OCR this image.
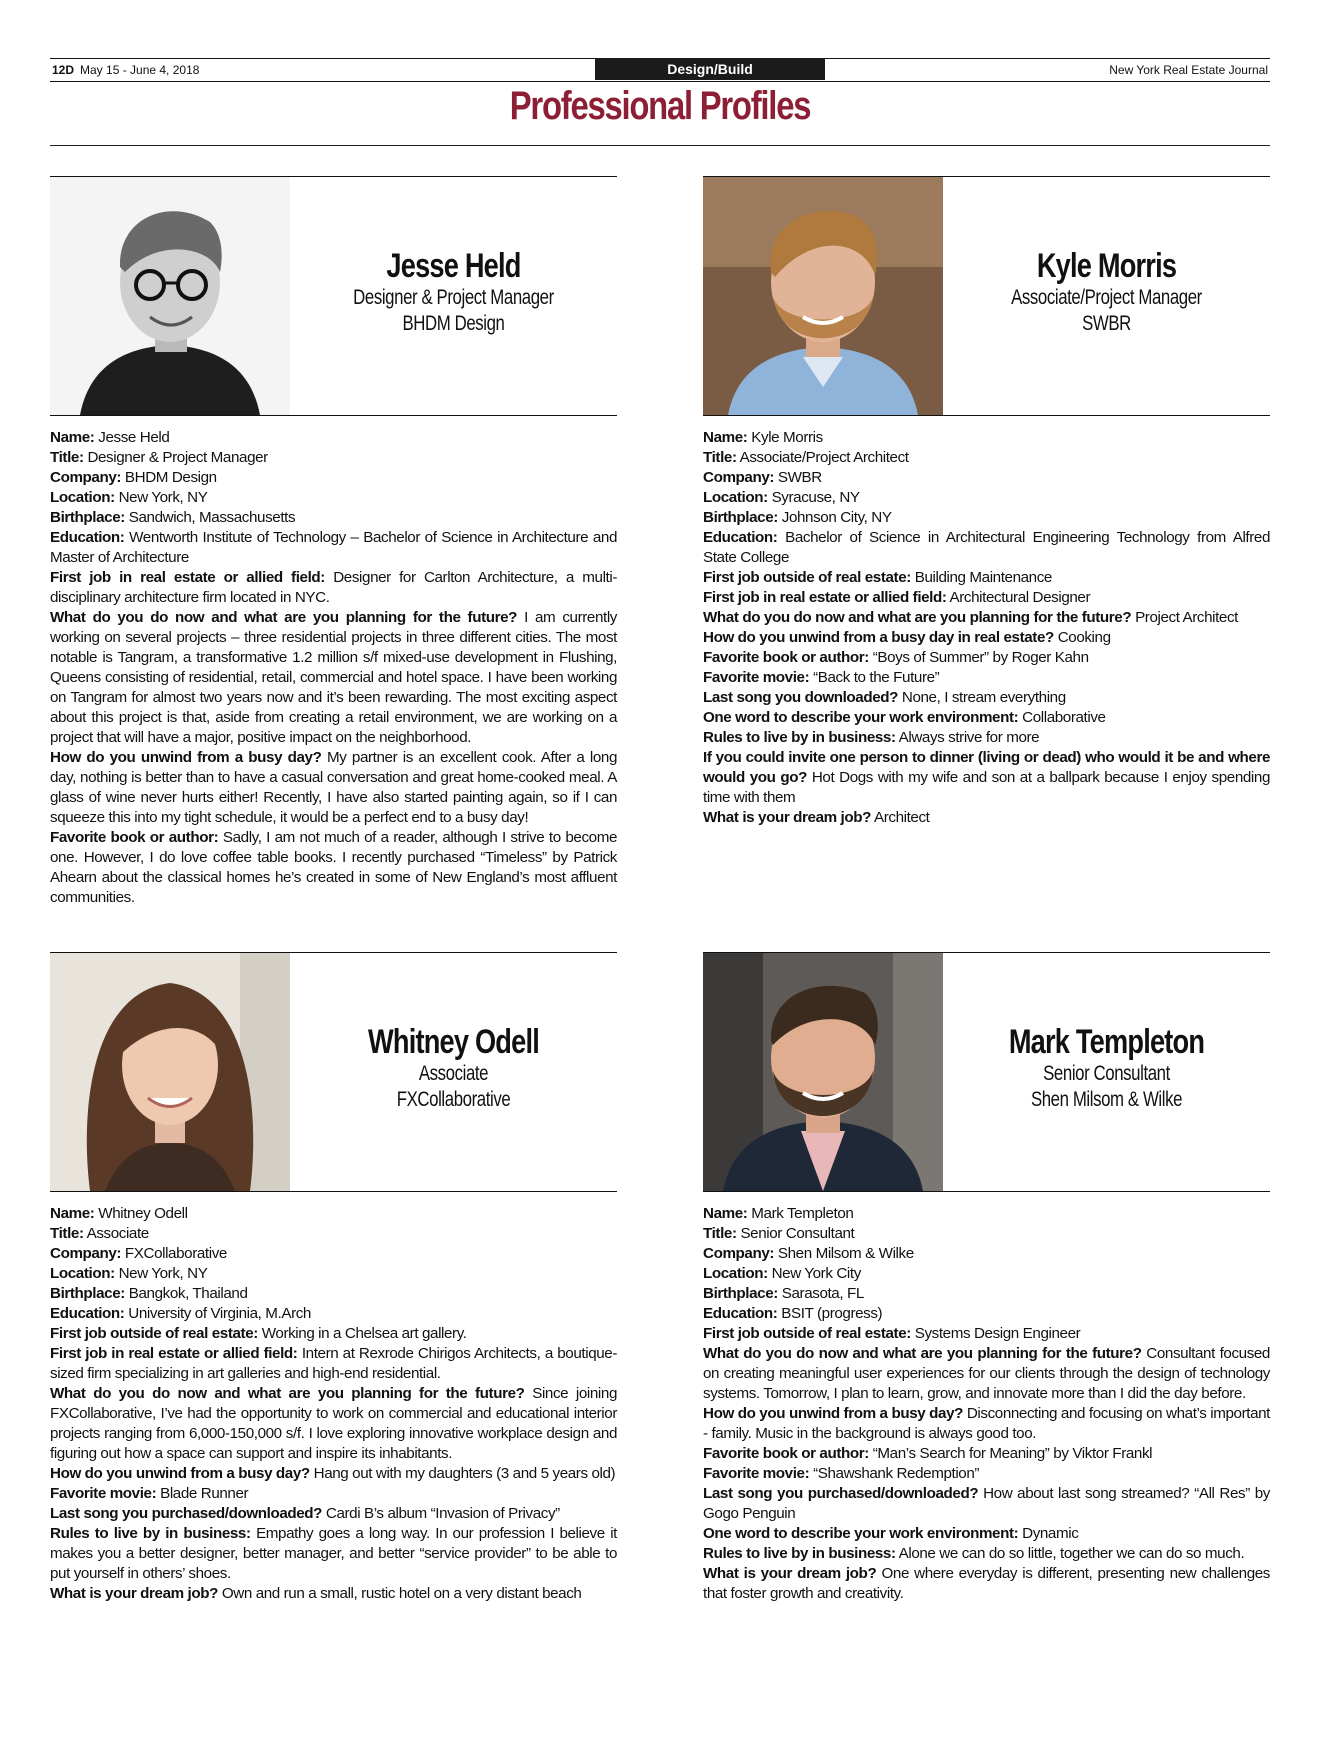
12D May 15 - June 4, 2018	Design/Build	New York Real Estate Journal
Professional Profiles
Jesse Held
Designer & Project Manager
BHDM Design

Name: Jesse Held

Title: Designer & Project Manager

Company: BHDM Design

Location: New York, NY

Birthplace: Sandwich, Massachusetts

Education: Wentworth Institute of Technology – Bachelor of Science in Architecture and Master of Architecture

First job in real estate or allied field: Designer for Carlton Architecture, a multi-disciplinary architecture firm located in NYC.

What do you do now and what are you planning for the future? I am currently working on several projects – three residential projects in three different cities. The most notable is Tangram, a transformative 1.2 million s/f mixed-use development in Flushing, Queens consisting of residential, retail, commercial and hotel space. I have been working on Tangram for almost two years now and it’s been rewarding. The most exciting aspect about this project is that, aside from creating a retail environment, we are working on a project that will have a major, positive impact on the neighborhood.

How do you unwind from a busy day? My partner is an excellent cook. After a long day, nothing is better than to have a casual conversation and great home-cooked meal. A glass of wine never hurts either! Recently, I have also started painting again, so if I can squeeze this into my tight schedule, it would be a perfect end to a busy day!

Favorite book or author: Sadly, I am not much of a reader, although I strive to become one. However, I do love coffee table books. I recently purchased “Timeless” by Patrick Ahearn about the classical homes he’s created in some of New England’s most affluent communities.

Kyle Morris
Associate/Project Manager
SWBR

Name: Kyle Morris

Title: Associate/Project Architect

Company: SWBR

Location: Syracuse, NY

Birthplace: Johnson City, NY

Education: Bachelor of Science in Architectural Engineering Technology from Alfred State College

First job outside of real estate: Building Maintenance

First job in real estate or allied field: Architectural Designer

What do you do now and what are you planning for the future? Project Architect

How do you unwind from a busy day in real estate? Cooking

Favorite book or author: “Boys of Summer” by Roger Kahn

Favorite movie: “Back to the Future”

Last song you downloaded? None, I stream everything

One word to describe your work environment: Collaborative

Rules to live by in business: Always strive for more

If you could invite one person to dinner (living or dead) who would it be and where would you go? Hot Dogs with my wife and son at a ballpark because I enjoy spending time with them

What is your dream job? Architect

Whitney Odell
Associate
FXCollaborative

Name: Whitney Odell

Title: Associate

Company: FXCollaborative

Location: New York, NY

Birthplace: Bangkok, Thailand

Education: University of Virginia, M.Arch

First job outside of real estate: Working in a Chelsea art gallery.

First job in real estate or allied field: Intern at Rexrode Chirigos Architects, a boutique-sized firm specializing in art galleries and high-end residential.

What do you do now and what are you planning for the future? Since joining FXCollaborative, I’ve had the opportunity to work on commercial and educational interior projects ranging from 6,000-150,000 s/f. I love exploring innovative workplace design and figuring out how a space can support and inspire its inhabitants.

How do you unwind from a busy day? Hang out with my daughters (3 and 5 years old)

Favorite movie: Blade Runner

Last song you purchased/downloaded? Cardi B’s album “Invasion of Privacy”

Rules to live by in business: Empathy goes a long way. In our profession I believe it makes you a better designer, better manager, and better “service provider” to be able to put yourself in others’ shoes.

What is your dream job? Own and run a small, rustic hotel on a very distant beach

Mark Templeton
Senior Consultant
Shen Milsom & Wilke

Name: Mark Templeton

Title: Senior Consultant

Company: Shen Milsom & Wilke

Location: New York City

Birthplace: Sarasota, FL

Education: BSIT (progress)

First job outside of real estate: Systems Design Engineer

What do you do now and what are you planning for the future? Consultant focused on creating meaningful user experiences for our clients through the design of technology systems. Tomorrow, I plan to learn, grow, and innovate more than I did the day before.

How do you unwind from a busy day? Disconnecting and focusing on what’s important - family. Music in the background is always good too.

Favorite book or author: “Man’s Search for Meaning” by Viktor Frankl

Favorite movie: “Shawshank Redemption”

Last song you purchased/downloaded? How about last song streamed? “All Res” by Gogo Penguin

One word to describe your work environment: Dynamic

Rules to live by in business: Alone we can do so little, together we can do so much.

What is your dream job? One where everyday is different, presenting new challenges that foster growth and creativity.
